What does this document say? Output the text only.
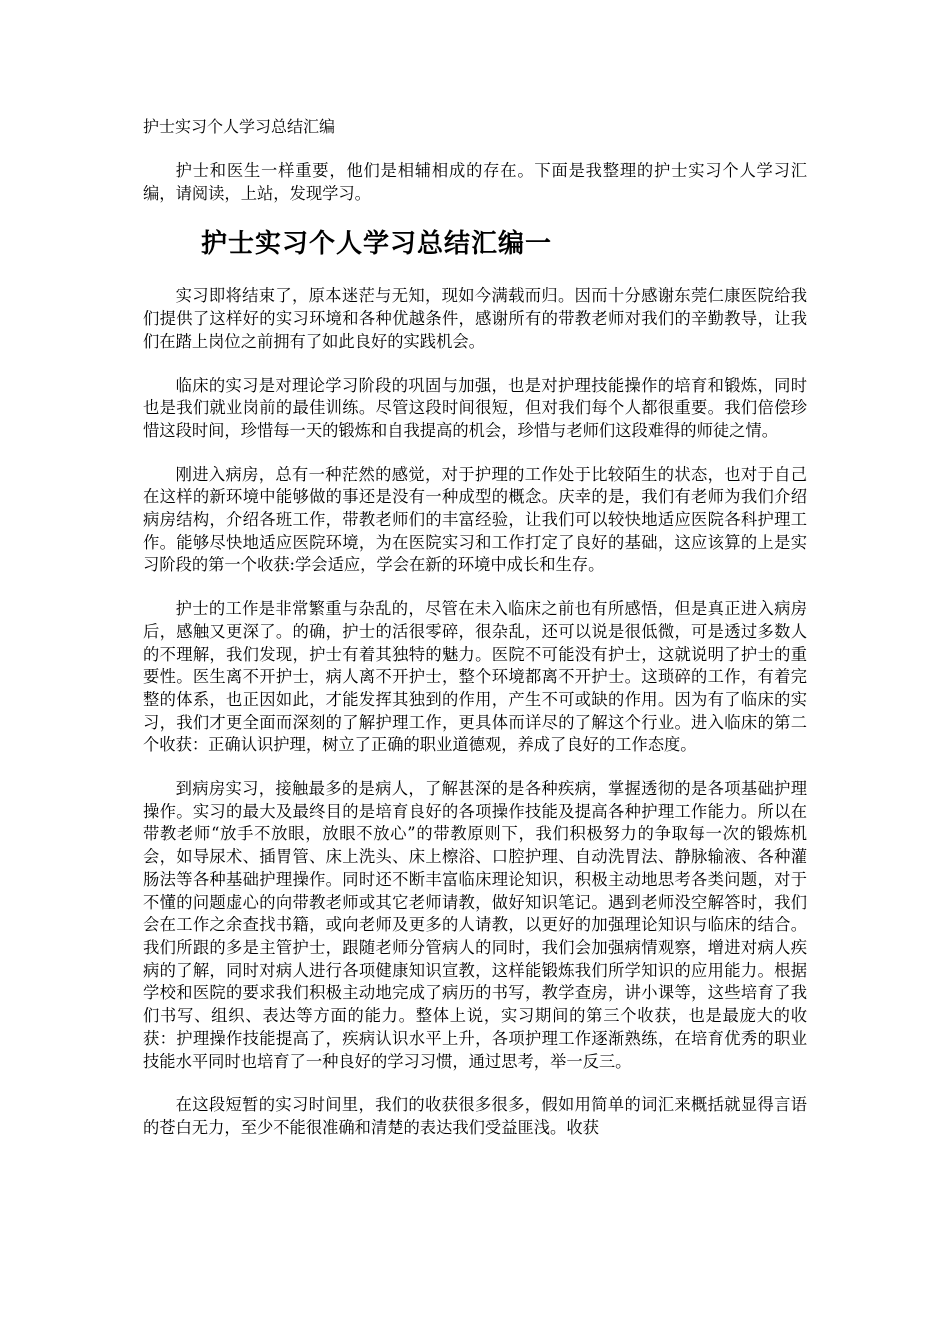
护士实习个人学习总结汇编

护士和医生一样重要，他们是相辅相成的存在。下面是我整理的护士实习个人学习汇编，请阅读，上站，发现学习。

护士实习个人学习总结汇编一

实习即将结束了，原本迷茫与无知，现如今满载而归。因而十分感谢东莞仁康医院给我们提供了这样好的实习环境和各种优越条件，感谢所有的带教老师对我们的辛勤教导，让我们在踏上岗位之前拥有了如此良好的实践机会。

临床的实习是对理论学习阶段的巩固与加强，也是对护理技能操作的培育和锻炼，同时也是我们就业岗前的最佳训练。尽管这段时间很短，但对我们每个人都很重要。我们倍偿珍惜这段时间，珍惜每一天的锻炼和自我提高的机会，珍惜与老师们这段难得的师徒之情。

刚进入病房，总有一种茫然的感觉，对于护理的工作处于比较陌生的状态，也对于自己在这样的新环境中能够做的事还是没有一种成型的概念。庆幸的是，我们有老师为我们介绍病房结构，介绍各班工作，带教老师们的丰富经验，让我们可以较快地适应医院各科护理工作。能够尽快地适应医院环境，为在医院实习和工作打定了良好的基础，这应该算的上是实习阶段的第一个收获:学会适应，学会在新的环境中成长和生存。

护士的工作是非常繁重与杂乱的，尽管在未入临床之前也有所感悟，但是真正进入病房后，感触又更深了。的确，护士的活很零碎，很杂乱，还可以说是很低微，可是透过多数人的不理解，我们发现，护士有着其独特的魅力。医院不可能没有护士，这就说明了护士的重要性。医生离不开护士，病人离不开护士，整个环境都离不开护士。这琐碎的工作，有着完整的体系，也正因如此，才能发挥其独到的作用，产生不可或缺的作用。因为有了临床的实习，我们才更全面而深刻的了解护理工作，更具体而详尽的了解这个行业。进入临床的第二个收获：正确认识护理，树立了正确的职业道德观，养成了良好的工作态度。

到病房实习，接触最多的是病人，了解甚深的是各种疾病，掌握透彻的是各项基础护理操作。实习的最大及最终目的是培育良好的各项操作技能及提高各种护理工作能力。所以在带教老师“放手不放眼，放眼不放心”的带教原则下，我们积极努力的争取每一次的锻炼机会，如导尿术、插胃管、床上洗头、床上檫浴、口腔护理、自动洗胃法、静脉输液、各种灌肠法等各种基础护理操作。同时还不断丰富临床理论知识，积极主动地思考各类问题，对于不懂的问题虚心的向带教老师或其它老师请教，做好知识笔记。遇到老师没空解答时，我们会在工作之余查找书籍，或向老师及更多的人请教，以更好的加强理论知识与临床的结合。我们所跟的多是主管护士，跟随老师分管病人的同时，我们会加强病情观察，增进对病人疾病的了解，同时对病人进行各项健康知识宣教，这样能锻炼我们所学知识的应用能力。根据学校和医院的要求我们积极主动地完成了病历的书写，教学查房，讲小课等，这些培育了我们书写、组织、表达等方面的能力。整体上说，实习期间的第三个收获，也是最庞大的收获：护理操作技能提高了，疾病认识水平上升，各项护理工作逐渐熟练，在培育优秀的职业技能水平同时也培育了一种良好的学习习惯，通过思考，举一反三。

在这段短暂的实习时间里，我们的收获很多很多，假如用简单的词汇来概括就显得言语的苍白无力，至少不能很准确和清楚的表达我们受益匪浅。收获
